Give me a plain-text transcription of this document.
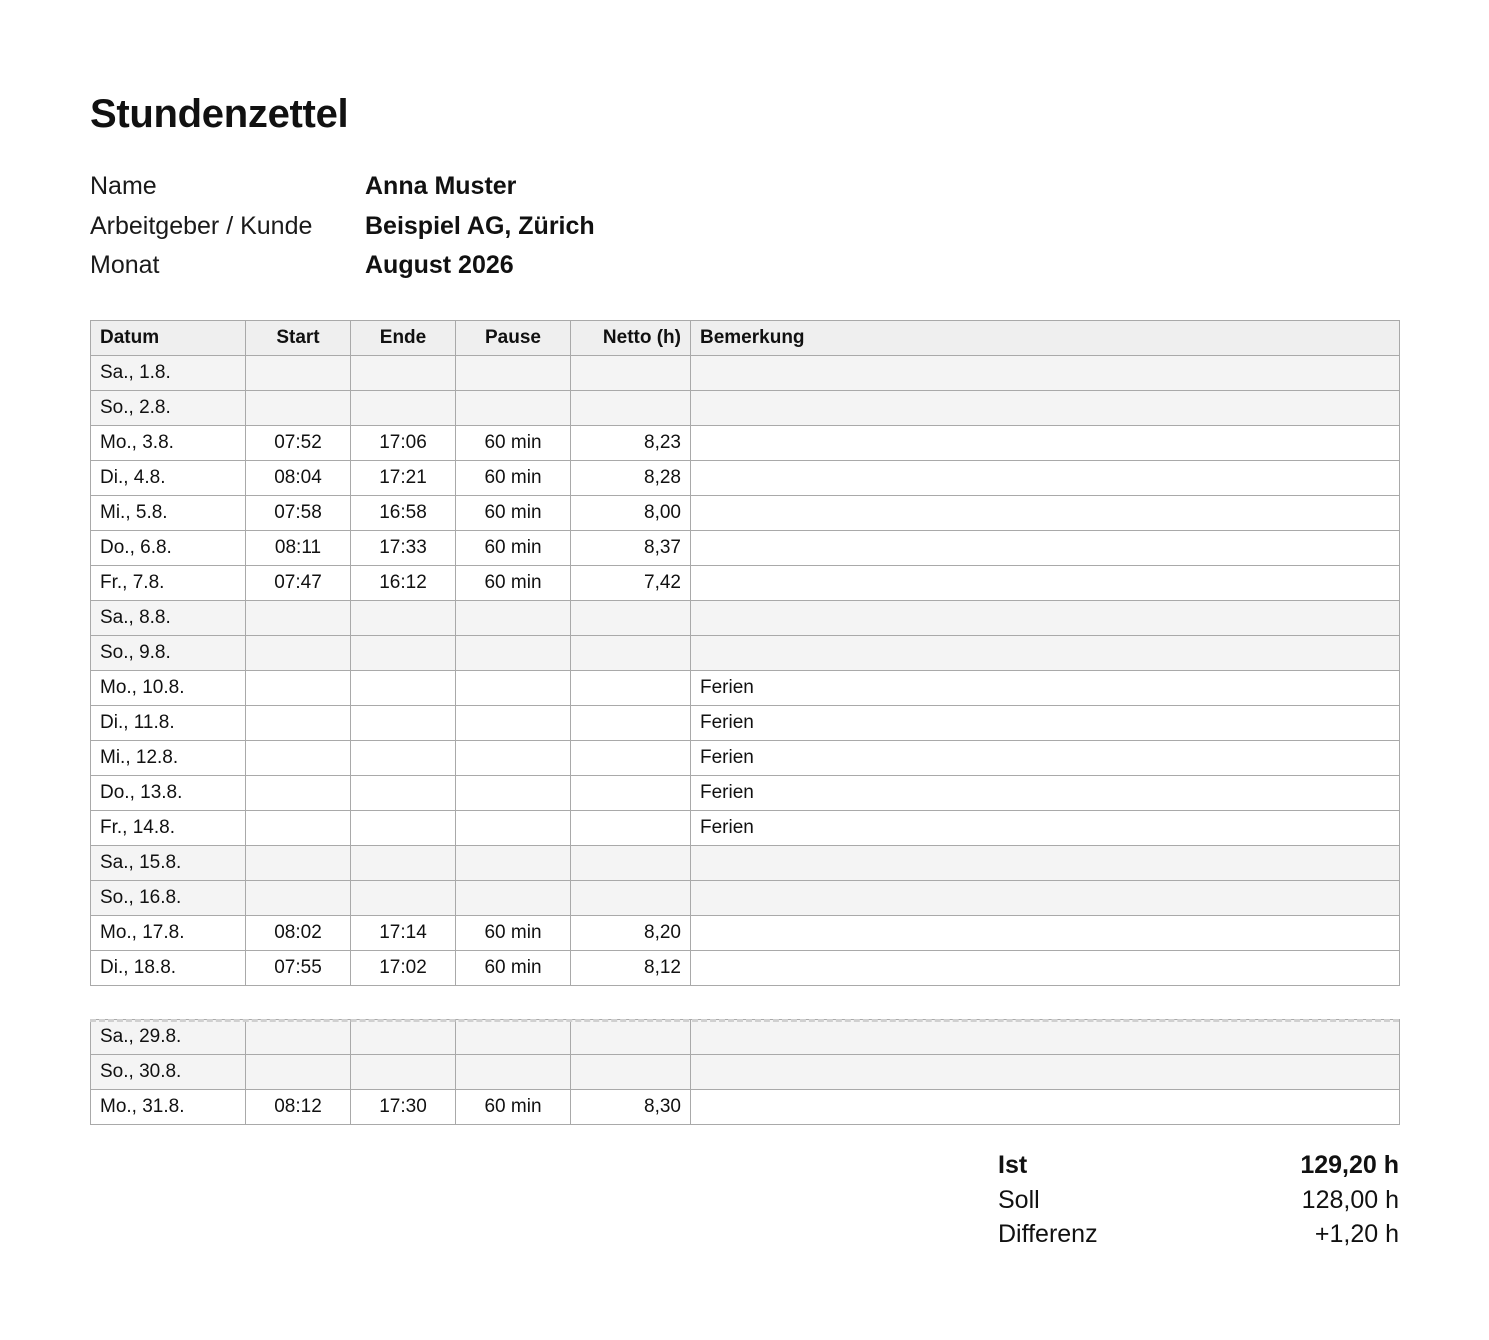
Stundenzettel
Name	Anna Muster
Arbeitgeber / Kunde	Beispiel AG, Zürich
Monat	August 2026
Datum	Start	Ende	Pause	Netto (h)	Bemerkung
Sa., 1.8.					
So., 2.8.					
Mo., 3.8.	07:52	17:06	60 min	8,23	
Di., 4.8.	08:04	17:21	60 min	8,28	
Mi., 5.8.	07:58	16:58	60 min	8,00	
Do., 6.8.	08:11	17:33	60 min	8,37	
Fr., 7.8.	07:47	16:12	60 min	7,42	
Sa., 8.8.					
So., 9.8.					
Mo., 10.8.					Ferien
Di., 11.8.					Ferien
Mi., 12.8.					Ferien
Do., 13.8.					Ferien
Fr., 14.8.					Ferien
Sa., 15.8.					
So., 16.8.					
Mo., 17.8.	08:02	17:14	60 min	8,20	
Di., 18.8.	07:55	17:02	60 min	8,12	
Sa., 29.8.					
So., 30.8.					
Mo., 31.8.	08:12	17:30	60 min	8,30	
Ist	129,20 h
Soll	128,00 h
Differenz	+1,20 h
